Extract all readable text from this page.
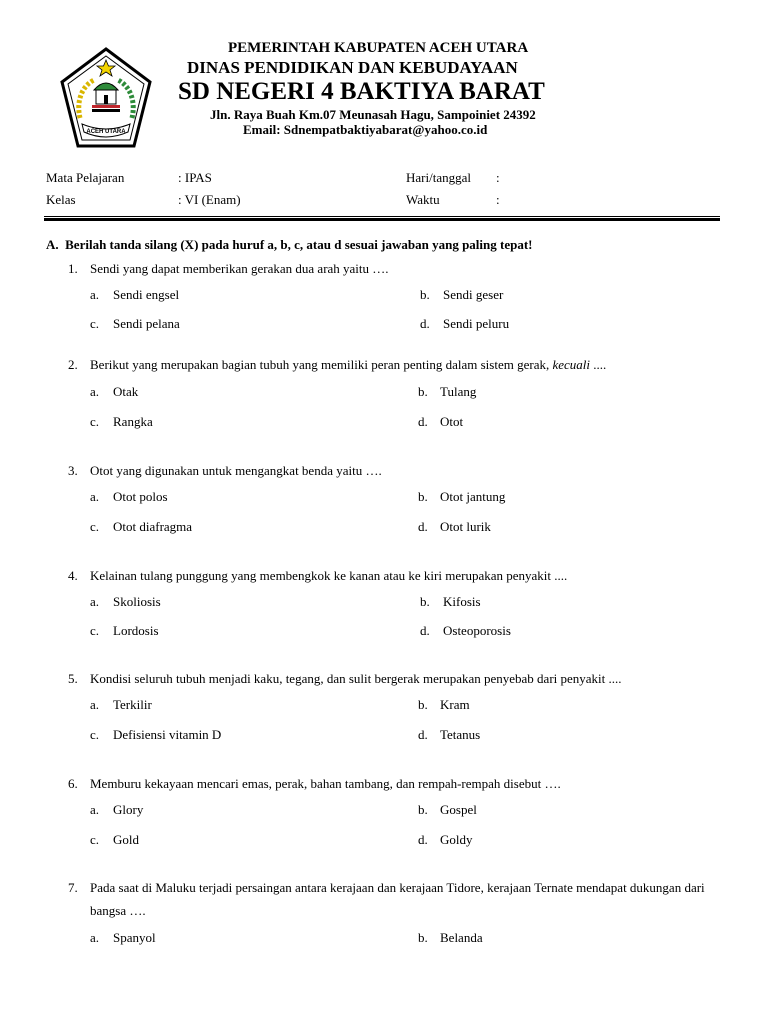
ACEH UTARA
PEMERINTAH KABUPATEN ACEH UTARA
DINAS PENDIDIKAN DAN KEBUDAYAAN
SD NEGERI 4 BAKTIYA BARAT
Jln. Raya Buah Km.07 Meunasah Hagu, Sampoiniet 24392
Email: Sdnempatbaktiyabarat@yahoo.co.id
Mata Pelajaran	: IPAS	Hari/tanggal :
Kelas	: VI (Enam)	Waktu	:
A. Berilah tanda silang (X) pada huruf a, b, c, atau d sesuai jawaban yang paling tepat!
1. Sendi yang dapat memberikan gerakan dua arah yaitu ….
a. Sendi engsel	b. Sendi geser
c. Sendi pelana	d. Sendi peluru
2. Berikut yang merupakan bagian tubuh yang memiliki peran penting dalam sistem gerak, kecuali ....
a. Otak	b. Tulang
c. Rangka	d. Otot
3. Otot yang digunakan untuk mengangkat benda yaitu ….
a. Otot polos	b. Otot jantung
c. Otot diafragma	d. Otot lurik
4. Kelainan tulang punggung yang membengkok ke kanan atau ke kiri merupakan penyakit ....
a. Skoliosis	b. Kifosis
c. Lordosis	d. Osteoporosis
5. Kondisi seluruh tubuh menjadi kaku, tegang, dan sulit bergerak merupakan penyebab dari penyakit ....
a. Terkilir	b. Kram
c. Defisiensi vitamin D	d. Tetanus
6. Memburu kekayaan mencari emas, perak, bahan tambang, dan rempah-rempah disebut ….
a. Glory	b. Gospel
c. Gold	d. Goldy
7. Pada saat di Maluku terjadi persaingan antara kerajaan dan kerajaan Tidore, kerajaan Ternate mendapat dukungan dari bangsa ….
a. Spanyol	b. Belanda
